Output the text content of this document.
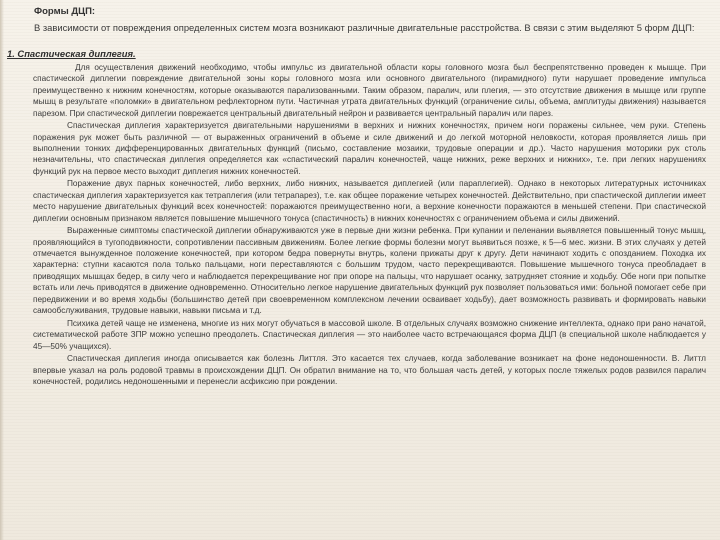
Формы ДЦП:
В зависимости от повреждения определенных систем мозга возникают различные двигательные расстройства. В связи с этим выделяют 5 форм ДЦП:
1. Спастическая диплегия.

Для осуществления движений необходимо, чтобы импульс из двигательной области коры головного мозга был беспрепятственно проведен к мышце. При спастической диплегии повреждение двигательной зоны коры головного мозга или основного двигательного (пирамидного) пути нарушает проведение импульса преимущественно к нижним конечностям, которые оказываются парализованными. Таким образом, паралич, или плегия, — это отсутствие движения в мышце или группе мышц в результате «поломки» в двигательном рефлекторном пути. Частичная утрата двигательных функций (ограничение силы, объема, амплитуды движения) называется парезом. При спастической диплегии поврежается центральный двигательный нейрон и развивается центральный паралич или парез.

Спастическая диплегия характеризуется двигательными нарушениями в верхних и нижних конечностях, причем ноги поражены сильнее, чем руки. Степень поражения рук может быть различной — от выраженных ограничений в объеме и силе движений и до легкой моторной неловкости, которая проявляется лишь при выполнении тонких дифференцированных двигательных функций (письмо, составление мозаики, трудовые операции и др.). Часто нарушения моторики рук столь незначительны, что спастическая диплегия определяется как «спастический паралич конечностей, чаще нижних, реже верхних и нижних», т.е. при легких нарушениях функций рук на первое место выходит диплегия нижних конечностей.

Поражение двух парных конечностей, либо верхних, либо нижних, называется диплегией (или параплегией). Однако в некоторых литературных источниках спастическая диплегия характеризуется как тетраплегия (или тетрапарез), т.е. как общее поражение четырех конечностей. Действительно, при спастической диплегии имеет место нарушение двигательных функций всех конечностей: поражаются преимущественно ноги, а верхние конечности поражаются в меньшей степени. При спастической диплегии основным признаком является повышение мышечного тонуса (спастичность) в нижних конечностях с ограничением объема и силы движений.

Выраженные симптомы спастической диплегии обнаруживаются уже в первые дни жизни ребенка. При купании и пеленании выявляется повышенный тонус мышц, проявляющийся в тугоподвижности, сопротивлении пассивным движениям. Более легкие формы болезни могут выявиться позже, к 5—6 мес. жизни. В этих случаях у детей отмечается вынужденное положение конечностей, при котором бедра повернуты внутрь, колени прижаты друг к другу. Дети начинают ходить с опозданием. Походка их характерна: ступни касаются пола только пальцами, ноги переставляются с большим трудом, часто перекрещиваются. Повышение мышечного тонуса преобладает в приводящих мышцах бедер, в силу чего и наблюдается перекрещивание ног при опоре на пальцы, что нарушает осанку, затрудняет стояние и ходьбу. Обе ноги при попытке встать или лечь приводятся в движение одновременно. Относительно легкое нарушение двигательных функций рук позволяет пользоваться ими: больной помогает себе при передвижении и во время ходьбы (большинство детей при своевременном комплексном лечении осваивает ходьбу), дает возможность развивать и формировать навыки самообслуживания, трудовые навыки, навыки письма и т.д.

Психика детей чаще не изменена, многие из них могут обучаться в массовой школе. В отдельных случаях возможно снижение интеллекта, однако при рано начатой, систематической работе ЗПР можно успешно преодолеть. Спастическая диплегия — это наиболее часто встречающаяся форма ДЦП (в специальной школе наблюдается у 45—50% учащихся).

Спастическая диплегия иногда описывается как болезнь Литтля. Это касается тех случаев, когда заболевание возникает на фоне недоношенности. В. Литтл впервые указал на роль родовой травмы в происхождении ДЦП. Он обратил внимание на то, что большая часть детей, у которых после тяжелых родов развился паралич конечностей, родились недоношенными и перенесли асфиксию при рождении.
